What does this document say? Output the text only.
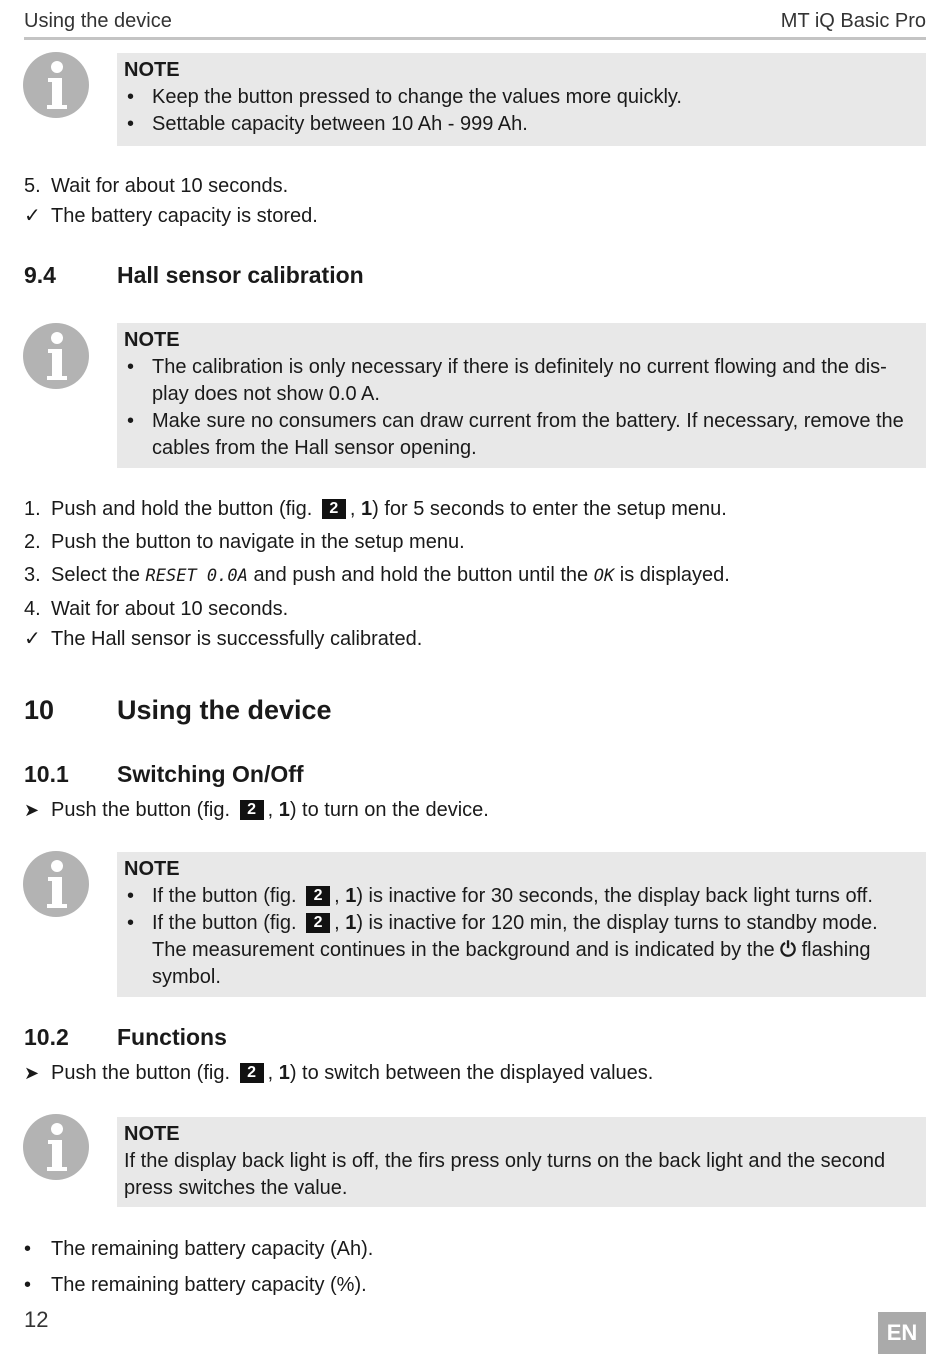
Using the device	MT iQ Basic Pro
NOTE
• Keep the button pressed to change the values more quickly.
• Settable capacity between 10 Ah - 999 Ah.
5. Wait for about 10 seconds.
✓ The battery capacity is stored.
9.4	Hall sensor calibration
NOTE
• The calibration is only necessary if there is definitely no current flowing and the dis-play does not show 0.0 A.
• Make sure no consumers can draw current from the battery. If necessary, remove the cables from the Hall sensor opening.
1. Push and hold the button (fig. 2 , 1) for 5 seconds to enter the setup menu.
2. Push the button to navigate in the setup menu.
3. Select the RESET 0.0A and push and hold the button until the OK is displayed.
4. Wait for about 10 seconds.
✓ The Hall sensor is successfully calibrated.
10 Using the device
10.1 Switching On/Off
➤ Push the button (fig. 2 , 1) to turn on the device.
NOTE
• If the button (fig. 2 , 1) is inactive for 30 seconds, the display back light turns off.
• If the button (fig. 2 , 1) is inactive for 120 min, the display turns to standby mode. The measurement continues in the background and is indicated by the ⏻ flashing symbol.
10.2 Functions
➤ Push the button (fig. 2 , 1) to switch between the displayed values.
NOTE
If the display back light is off, the firs press only turns on the back light and the second press switches the value.
• The remaining battery capacity (Ah).
• The remaining battery capacity (%).
12
EN
